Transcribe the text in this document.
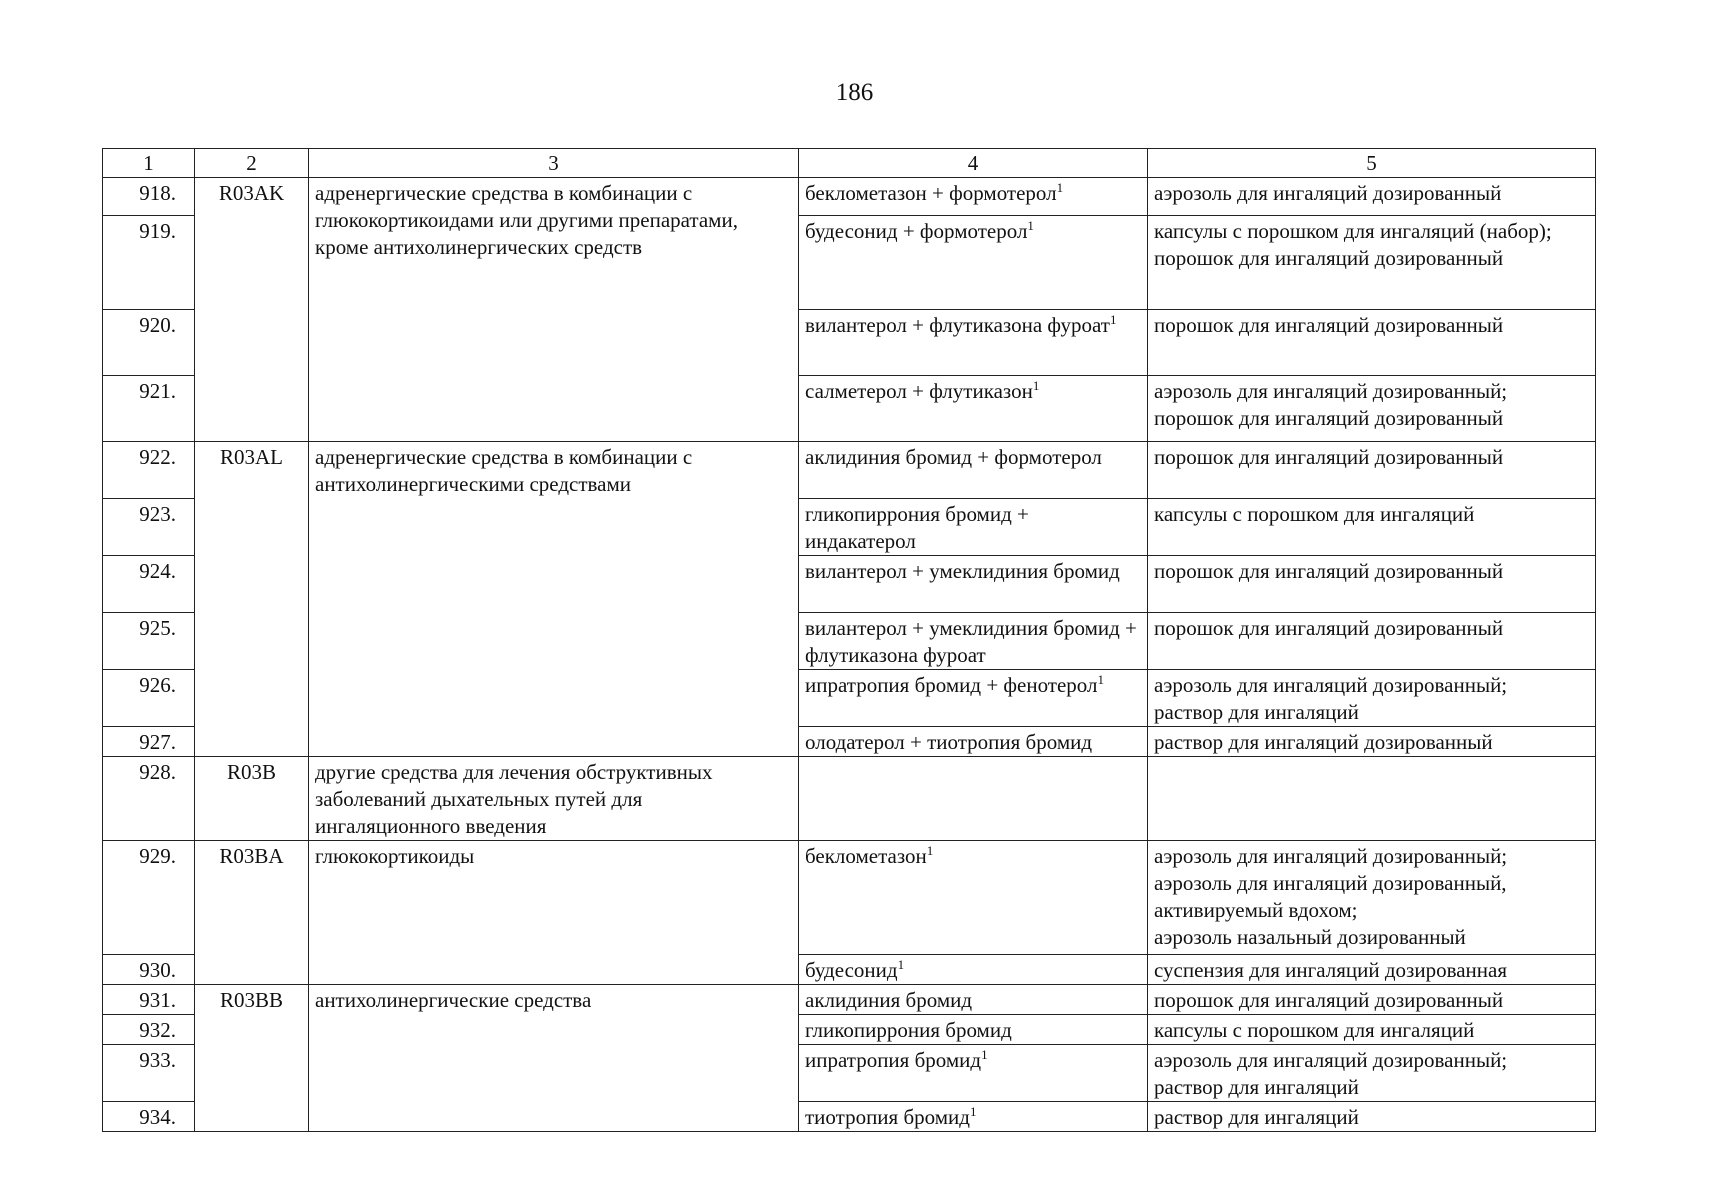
186
1	2	3	4	5
918.	R03AK	адренергические средства в комбинации с глюкокортикоидами или другими препаратами, кроме антихолинергических средств	беклометазон + формотерол$^1$	аэрозоль для ингаляций дозированный

919.			будесонид + формотерол$^1$	капсулы с порошком для ингаляций (набор);
порошок для ингаляций дозированный

920.			вилантерол + флутиказона фуроат$^1$	порошок для ингаляций дозированный

921.			салметерол + флутиказон$^1$	аэрозоль для ингаляций дозированный;
порошок для ингаляций дозированный

922.	R03AL	адренергические средства в комбинации с антихолинергическими средствами	аклидиния бромид + формотерол	порошок для ингаляций дозированный

923.			гликопиррония бромид + индакатерол	капсулы с порошком для ингаляций

924.			вилантерол + умеклидиния бромид	порошок для ингаляций дозированный

925.			вилантерол + умеклидиния бромид + флутиказона фуроат	порошок для ингаляций дозированный

926.			ипратропия бромид + фенотерол$^1$	аэрозоль для ингаляций дозированный;
раствор для ингаляций

927.			олодатерол + тиотропия бромид	раствор для ингаляций дозированный

928.	R03B	другие средства для лечения обструктивных заболеваний дыхательных путей для ингаляционного введения		
929.	R03BA	глюкокортикоиды	беклометазон$^1$	аэрозоль для ингаляций дозированный;
аэрозоль для ингаляций дозированный, активируемый вдохом;
аэрозоль назальный дозированный

930.			будесонид$^1$	суспензия для ингаляций дозированная

931.	R03BB	антихолинергические средства	аклидиния бромид	порошок для ингаляций дозированный

932.			гликопиррония бромид	капсулы с порошком для ингаляций

933.			ипратропия бромид$^1$	аэрозоль для ингаляций дозированный;
раствор для ингаляций

934.			тиотропия бромид$^1$	раствор для ингаляций
